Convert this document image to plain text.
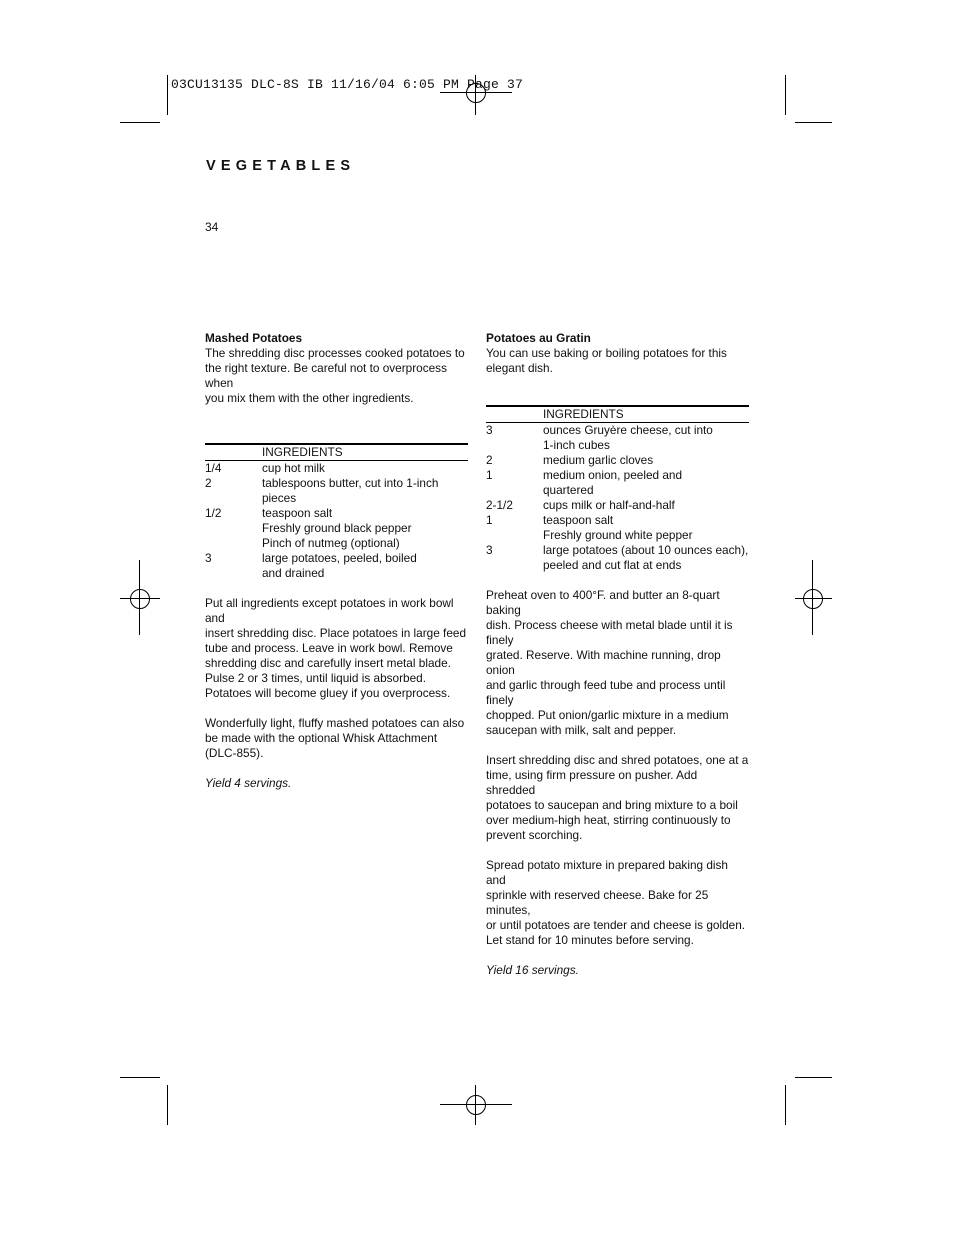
03CU13135 DLC-8S IB 11/16/04 6:05 PM Page 37
VEGETABLES
34

Mashed Potatoes

The shredding disc processes cooked potatoes to

the right texture. Be careful not to overprocess when

you mix them with the other ingredients.

	INGREDIENTS
1/4	cup hot milk
2	tablespoons butter, cut into 1-inch pieces
1/2	teaspoon salt
	Freshly ground black pepper
	Pinch of nutmeg (optional)
3	large potatoes, peeled, boiled
	and drained

Put all ingredients except potatoes in work bowl and

insert shredding disc. Place potatoes in large feed

tube and process. Leave in work bowl. Remove

shredding disc and carefully insert metal blade.

Pulse 2 or 3 times, until liquid is absorbed.

Potatoes will become gluey if you overprocess.

Wonderfully light, fluffy mashed potatoes can also

be made with the optional Whisk Attachment

(DLC-855).

Yield 4 servings.

Potatoes au Gratin

You can use baking or boiling potatoes for this

elegant dish.

	INGREDIENTS
3	ounces Gruyère cheese, cut into
	1-inch cubes
2	medium garlic cloves
1	medium onion, peeled and
	quartered
2-1/2	cups milk or half-and-half
1	teaspoon salt
	Freshly ground white pepper
3	large potatoes (about 10 ounces each),
	peeled and cut flat at ends

Preheat oven to 400°F. and butter an 8-quart baking

dish. Process cheese with metal blade until it is finely

grated. Reserve. With machine running, drop onion

and garlic through feed tube and process until finely

chopped. Put onion/garlic mixture in a medium

saucepan with milk, salt and pepper.

Insert shredding disc and shred potatoes, one at a

time, using firm pressure on pusher. Add shredded

potatoes to saucepan and bring mixture to a boil

over medium-high heat, stirring continuously to

prevent scorching.

Spread potato mixture in prepared baking dish and

sprinkle with reserved cheese. Bake for 25 minutes,

or until potatoes are tender and cheese is golden.

Let stand for 10 minutes before serving.

Yield 16 servings.
